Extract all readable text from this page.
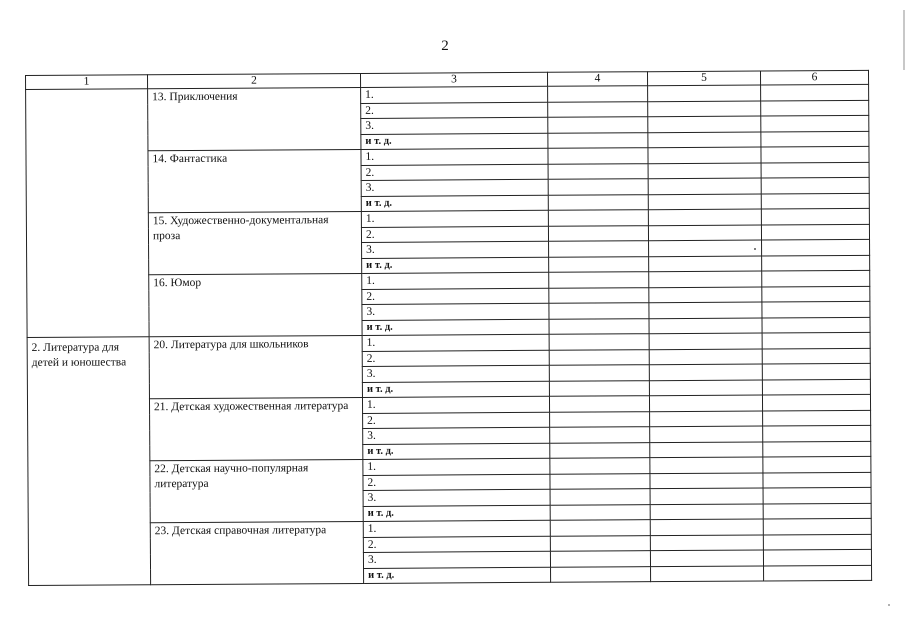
2
1	2	3	4	5	6
	13. Приключения	1.			
		2.			
		3.			
		и т. д.			
	14. Фантастика	1.			
		2.			
		3.			
		и т. д.			
	15. Художественно-документальная проза	1.			
		2.			
		3.			
		и т. д.			
	16. Юмор	1.			
		2.			
		3.			
		и т. д.			
2. Литература для детей и юношества	20. Литература для школьников	1.			
		2.			
		3.			
		и т. д.			
	21. Детская художественная литература	1.			
		2.			
		3.			
		и т. д.			
	22. Детская научно-популярная литература	1.			
		2.			
		3.			
		и т. д.			
	23. Детская справочная литература	1.			
		2.			
		3.			
		и т. д.			
